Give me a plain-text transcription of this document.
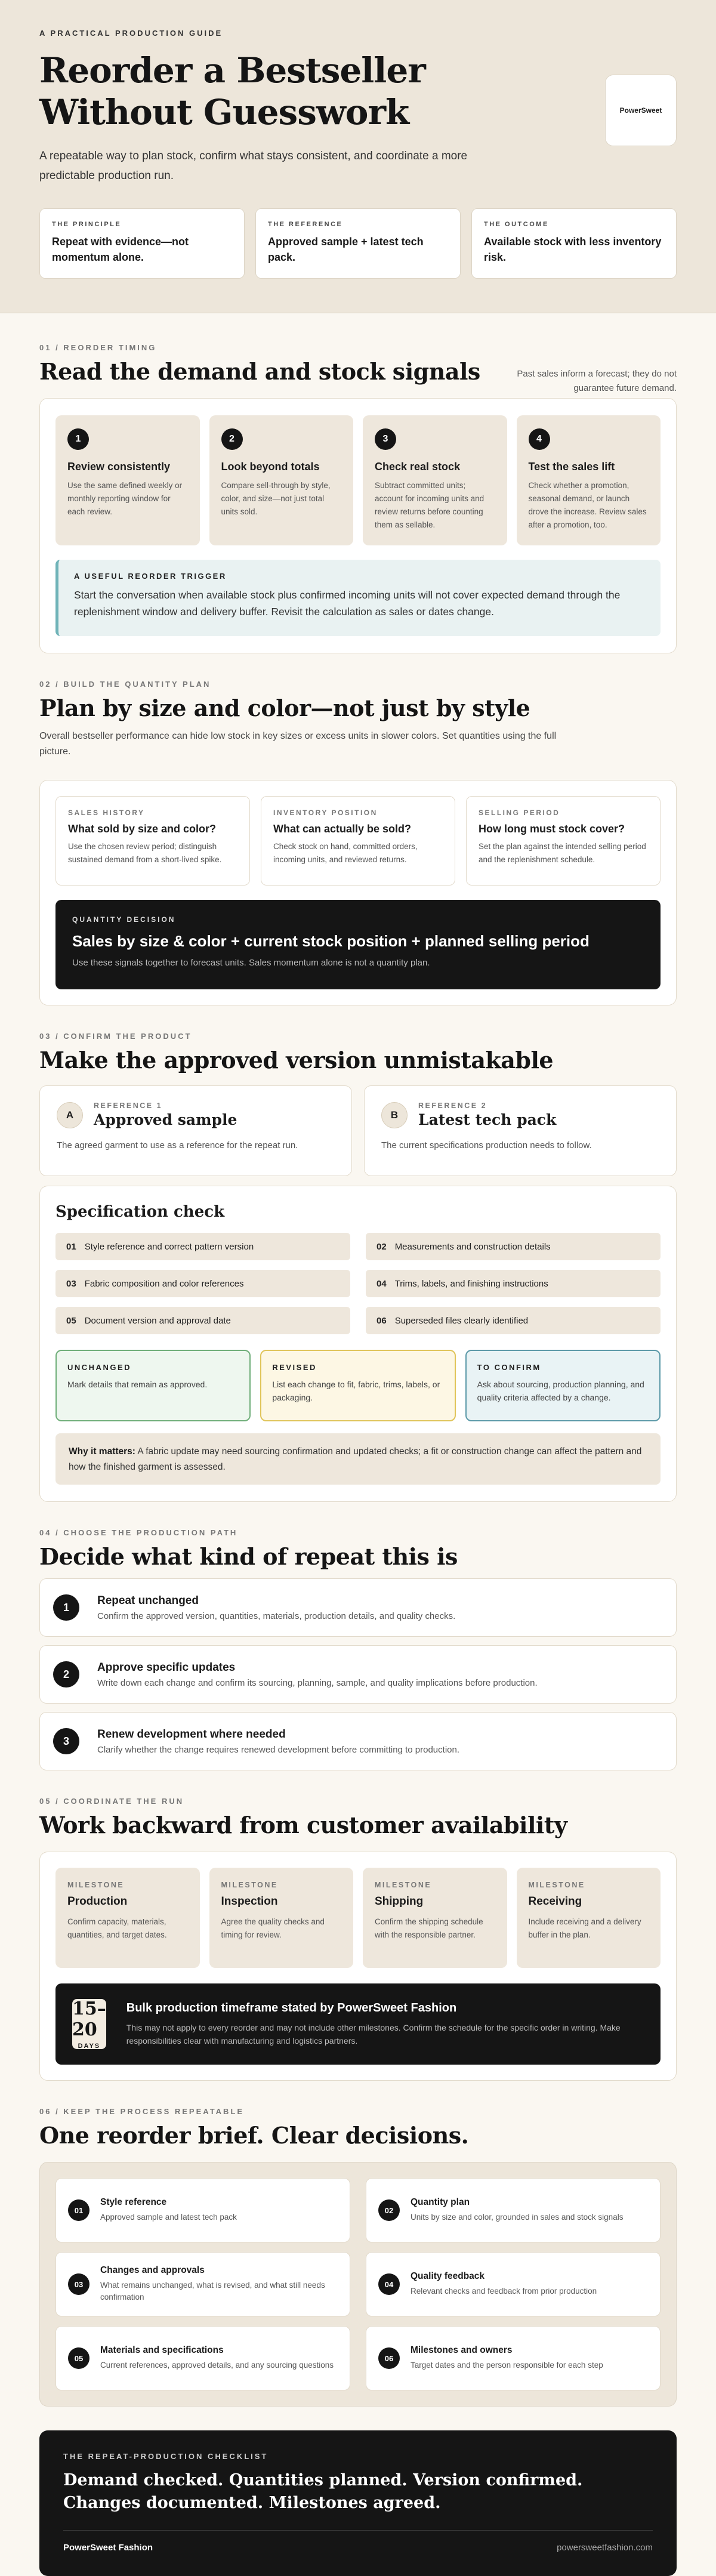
A PRACTICAL PRODUCTION GUIDE
Reorder a Bestseller Without Guesswork

A repeatable way to plan stock, confirm what stays consistent, and coordinate a more predictable production run.

PowerSweet
THE PRINCIPLE
Repeat with evidence—not momentum alone.
THE REFERENCE
Approved sample + latest tech pack.
THE OUTCOME
Available stock with less inventory risk.
01 / REORDER TIMING
Read the demand and stock signals	Past sales inform a forecast; they do not guarantee future demand.

1
Review consistently

Use the same defined weekly or monthly reporting window for each review.

2
Look beyond totals

Compare sell-through by style, color, and size—not just total units sold.

3
Check real stock

Subtract committed units; account for incoming units and review returns before counting them as sellable.

4
Test the sales lift

Check whether a promotion, seasonal demand, or launch drove the increase. Review sales after a promotion, too.

A USEFUL REORDER TRIGGER

Start the conversation when available stock plus confirmed incoming units will not cover expected demand through the replenishment window and delivery buffer. Revisit the calculation as sales or dates change.

02 / BUILD THE QUANTITY PLAN
Plan by size and color—not just by style

Overall bestseller performance can hide low stock in key sizes or excess units in slower colors. Set quantities using the full picture.

SALES HISTORY
What sold by size and color?

Use the chosen review period; distinguish sustained demand from a short-lived spike.

INVENTORY POSITION
What can actually be sold?

Check stock on hand, committed orders, incoming units, and reviewed returns.

SELLING PERIOD
How long must stock cover?

Set the plan against the intended selling period and the replenishment schedule.

QUANTITY DECISION
Sales by size & color + current stock position + planned selling period

Use these signals together to forecast units. Sales momentum alone is not a quantity plan.

03 / CONFIRM THE PRODUCT
Make the approved version unmistakable
A
REFERENCE 1
Approved sample

The agreed garment to use as a reference for the repeat run.

B
REFERENCE 2
Latest tech pack

The current specifications production needs to follow.

Specification check
01 Style reference and correct pattern version	02 Measurements and construction details
03 Fabric composition and color references	04 Trims, labels, and finishing instructions
05 Document version and approval date	06 Superseded files clearly identified
UNCHANGED

Mark details that remain as approved.

REVISED

List each change to fit, fabric, trims, labels, or packaging.

TO CONFIRM

Ask about sourcing, production planning, and quality criteria affected by a change.

Why it matters: A fabric update may need sourcing confirmation and updated checks; a fit or construction change can affect the pattern and how the finished garment is assessed.
04 / CHOOSE THE PRODUCTION PATH
Decide what kind of repeat this is
1
Repeat unchanged

Confirm the approved version, quantities, materials, production details, and quality checks.

2
Approve specific updates

Write down each change and confirm its sourcing, planning, sample, and quality implications before production.

3
Renew development where needed

Clarify whether the change requires renewed development before committing to production.

05 / COORDINATE THE RUN
Work backward from customer availability
MILESTONE
Production

Confirm capacity, materials, quantities, and target dates.

MILESTONE
Inspection

Agree the quality checks and timing for review.

MILESTONE
Shipping

Confirm the shipping schedule with the responsible partner.

MILESTONE
Receiving

Include receiving and a delivery buffer in the plan.

15–20
DAYS
Bulk production timeframe stated by PowerSweet Fashion

This may not apply to every reorder and may not include other milestones. Confirm the schedule for the specific order in writing. Make responsibilities clear with manufacturing and logistics partners.

06 / KEEP THE PROCESS REPEATABLE
One reorder brief. Clear decisions.
01
Style reference

Approved sample and latest tech pack

02
Quantity plan

Units by size and color, grounded in sales and stock signals

03
Changes and approvals

What remains unchanged, what is revised, and what still needs confirmation

04
Quality feedback

Relevant checks and feedback from prior production

05
Materials and specifications

Current references, approved details, and any sourcing questions

06
Milestones and owners

Target dates and the person responsible for each step

THE REPEAT-PRODUCTION CHECKLIST
Demand checked. Quantities planned. Version confirmed. Changes documented. Milestones agreed.
PowerSweet Fashion	powersweetfashion.com
